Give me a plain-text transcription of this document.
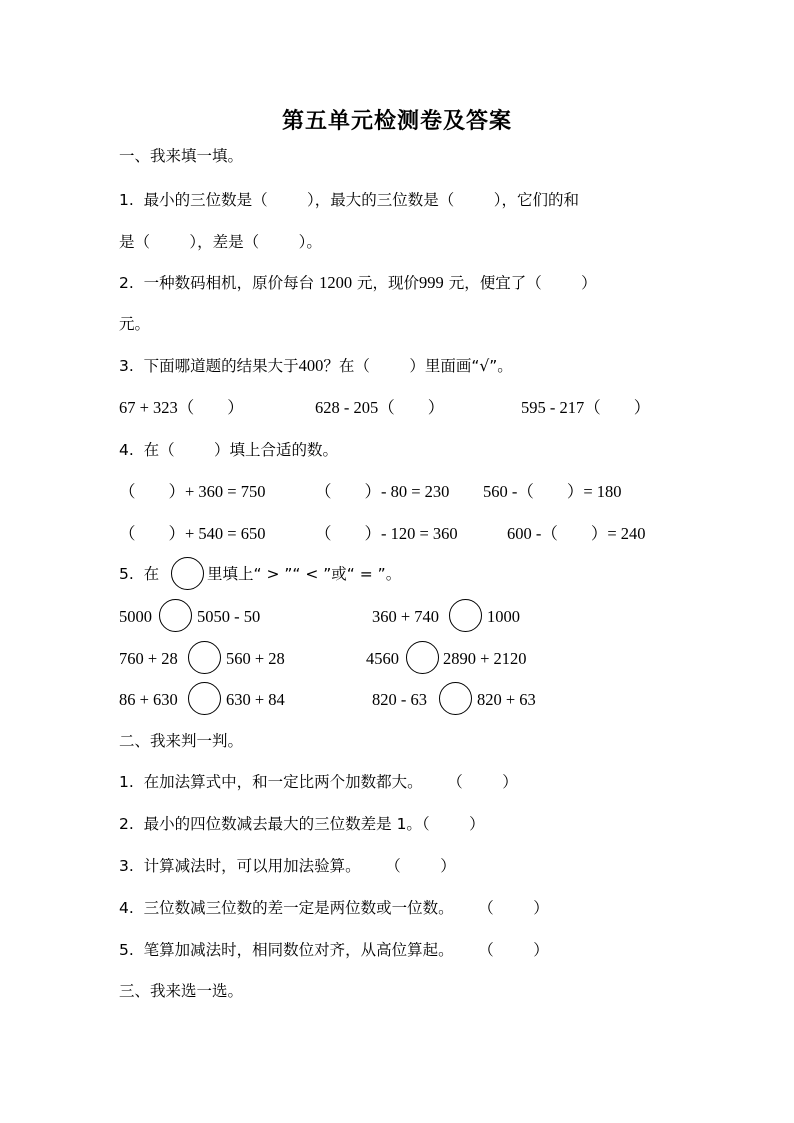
第五单元检测卷及答案
一、我来填一填。
1.  最小的三位数是（        ），最大的三位数是（        ），它们的和
是（        ），差是（        ）。
2.  一种数码相机，原价每台 1200 元，现价999 元，便宜了（        ）
元。
3.  下面哪道题的结果大于400？在（        ）里面画“√”。
67 + 323（        ）	628 - 205（        ）	595 - 217（        ）
4.  在（        ）填上合适的数。
（        ）+ 360 = 750	（        ）- 80 = 230 560 -（        ）= 180
（        ）+ 540 = 650	（        ）- 120 = 360	600 -（        ）= 240
5.  在	里填上“ > ”“ < ”或“ = ”。
5000	5050 - 50	360 + 740	1000
760 + 28	560 + 28	4560	2890 + 2120
86 + 630	630 + 84	820 - 63	820 + 63
二、我来判一判。
1.  在加法算式中，和一定比两个加数都大。     （        ）
2.  最小的四位数减去最大的三位数差是 1。（        ）
3.  计算减法时，可以用加法验算。     （        ）
4.  三位数减三位数的差一定是两位数或一位数。     （        ）
5.  笔算加减法时，相同数位对齐，从高位算起。     （        ）
三、我来选一选。
